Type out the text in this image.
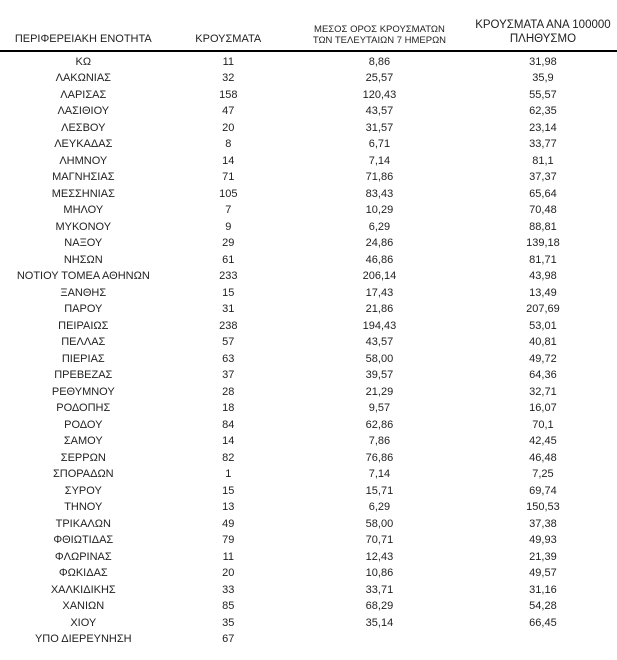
ΠΕΡΙΦΕΡΕΙΑΚΗ ΕΝΟΤΗΤΑ	ΚΡΟΥΣΜΑΤΑ	ΜΕΣΟΣ ΟΡΟΣ ΚΡΟΥΣΜΑΤΩΝ
ΤΩΝ ΤΕΛΕΥΤΑΙΩΝ 7 ΗΜΕΡΩΝ	ΚΡΟΥΣΜΑΤΑ ΑΝΑ 100000
ΠΛΗΘΥΣΜΟ
ΚΩ	11	8,86	31,98
ΛΑΚΩΝΙΑΣ	32	25,57	35,9
ΛΑΡΙΣΑΣ	158	120,43	55,57
ΛΑΣΙΘΙΟΥ	47	43,57	62,35
ΛΕΣΒΟΥ	20	31,57	23,14
ΛΕΥΚΑΔΑΣ	8	6,71	33,77
ΛΗΜΝΟΥ	14	7,14	81,1
ΜΑΓΝΗΣΙΑΣ	71	71,86	37,37
ΜΕΣΣΗΝΙΑΣ	105	83,43	65,64
ΜΗΛΟΥ	7	10,29	70,48
ΜΥΚΟΝΟΥ	9	6,29	88,81
ΝΑΞΟΥ	29	24,86	139,18
ΝΗΣΩΝ	61	46,86	81,71
ΝΟΤΙΟΥ ΤΟΜΕΑ ΑΘΗΝΩΝ	233	206,14	43,98
ΞΑΝΘΗΣ	15	17,43	13,49
ΠΑΡΟΥ	31	21,86	207,69
ΠΕΙΡΑΙΩΣ	238	194,43	53,01
ΠΕΛΛΑΣ	57	43,57	40,81
ΠΙΕΡΙΑΣ	63	58,00	49,72
ΠΡΕΒΕΖΑΣ	37	39,57	64,36
ΡΕΘΥΜΝΟΥ	28	21,29	32,71
ΡΟΔΟΠΗΣ	18	9,57	16,07
ΡΟΔΟΥ	84	62,86	70,1
ΣΑΜΟΥ	14	7,86	42,45
ΣΕΡΡΩΝ	82	76,86	46,48
ΣΠΟΡΑΔΩΝ	1	7,14	7,25
ΣΥΡΟΥ	15	15,71	69,74
ΤΗΝΟΥ	13	6,29	150,53
ΤΡΙΚΑΛΩΝ	49	58,00	37,38
ΦΘΙΩΤΙΔΑΣ	79	70,71	49,93
ΦΛΩΡΙΝΑΣ	11	12,43	21,39
ΦΩΚΙΔΑΣ	20	10,86	49,57
ΧΑΛΚΙΔΙΚΗΣ	33	33,71	31,16
ΧΑΝΙΩΝ	85	68,29	54,28
ΧΙΟΥ	35	35,14	66,45
ΥΠΟ ΔΙΕΡΕΥΝΗΣΗ	67		
